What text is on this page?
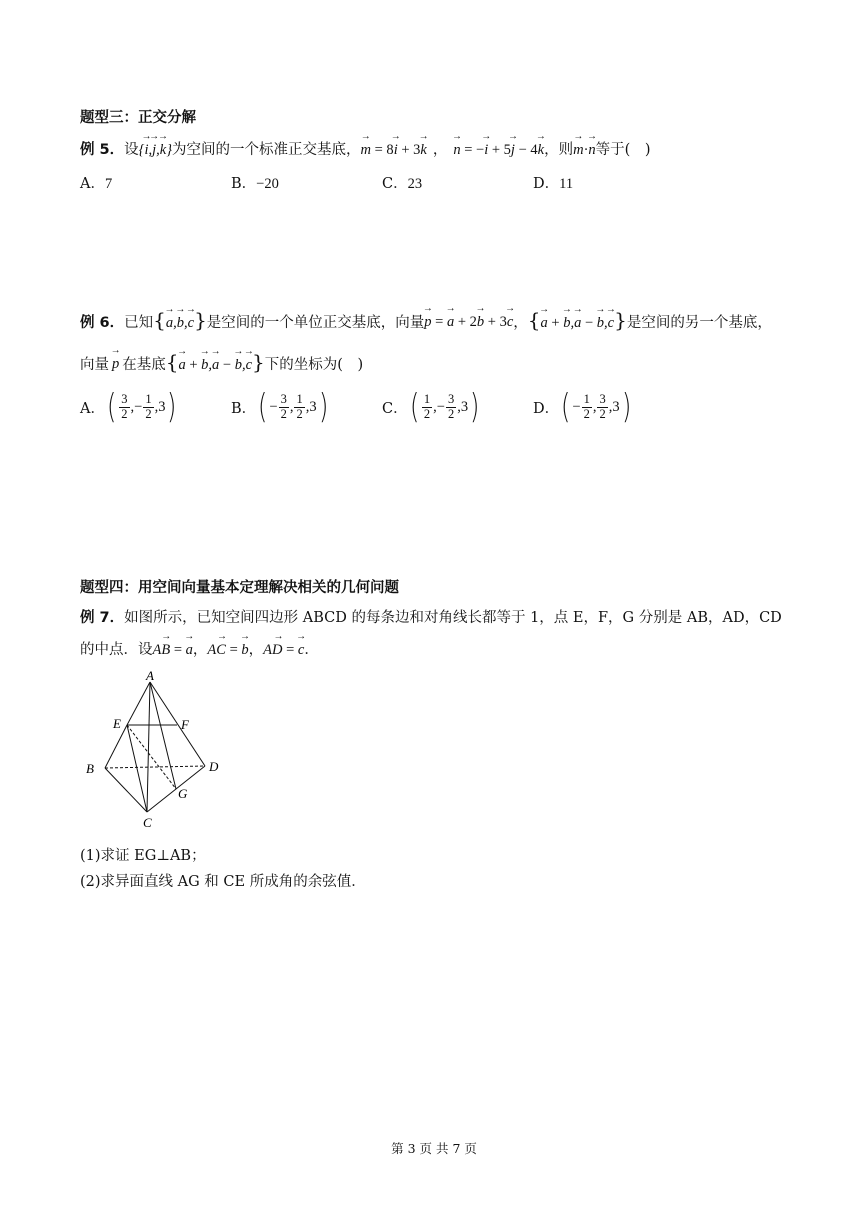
题型三：正交分解
例 5． 设 {→ i,→ j,→ k} 为空间的一个标准正交基底， → m = 8→ i + 3→ k ， → n = −→ i + 5→ j − 4→ k ，则 → m·→ n 等于(　)
A．7	B．−20	C．23	D．11
例 6． 已知 {→ a,→ b,→ c} 是空间的一个单位正交基底，向量 → p = → a + 2→ b + 3→ c ， {→ a + → b,→ a − → b,→ c} 是空间的另一个基底，
向量 → p 在基底 {→ a + → b,→ a − → b,→ c} 下的坐标为(　)
A． ( $\frac{3}{2}$ , − $\frac{1}{2}$ , 3 )	B． ( − $\frac{3}{2}$ , $\frac{1}{2}$ , 3 )	C． ( $\frac{1}{2}$ , − $\frac{3}{2}$ , 3 )	D． ( − $\frac{1}{2}$ , $\frac{3}{2}$ , 3 )
题型四：用空间向量基本定理解决相关的几何问题
例 7．如图所示，已知空间四边形 ABCD 的每条边和对角线长都等于 1，点 E，F，G 分别是 AB，AD，CD
的中点．设 → AB = → a ， → AC = → b ， → AD = → c ．
A
B
C
D
E	F
G
(1)求证 EG⊥AB；
(2)求异面直线 AG 和 CE 所成角的余弦值．
第 3 页 共 7 页
